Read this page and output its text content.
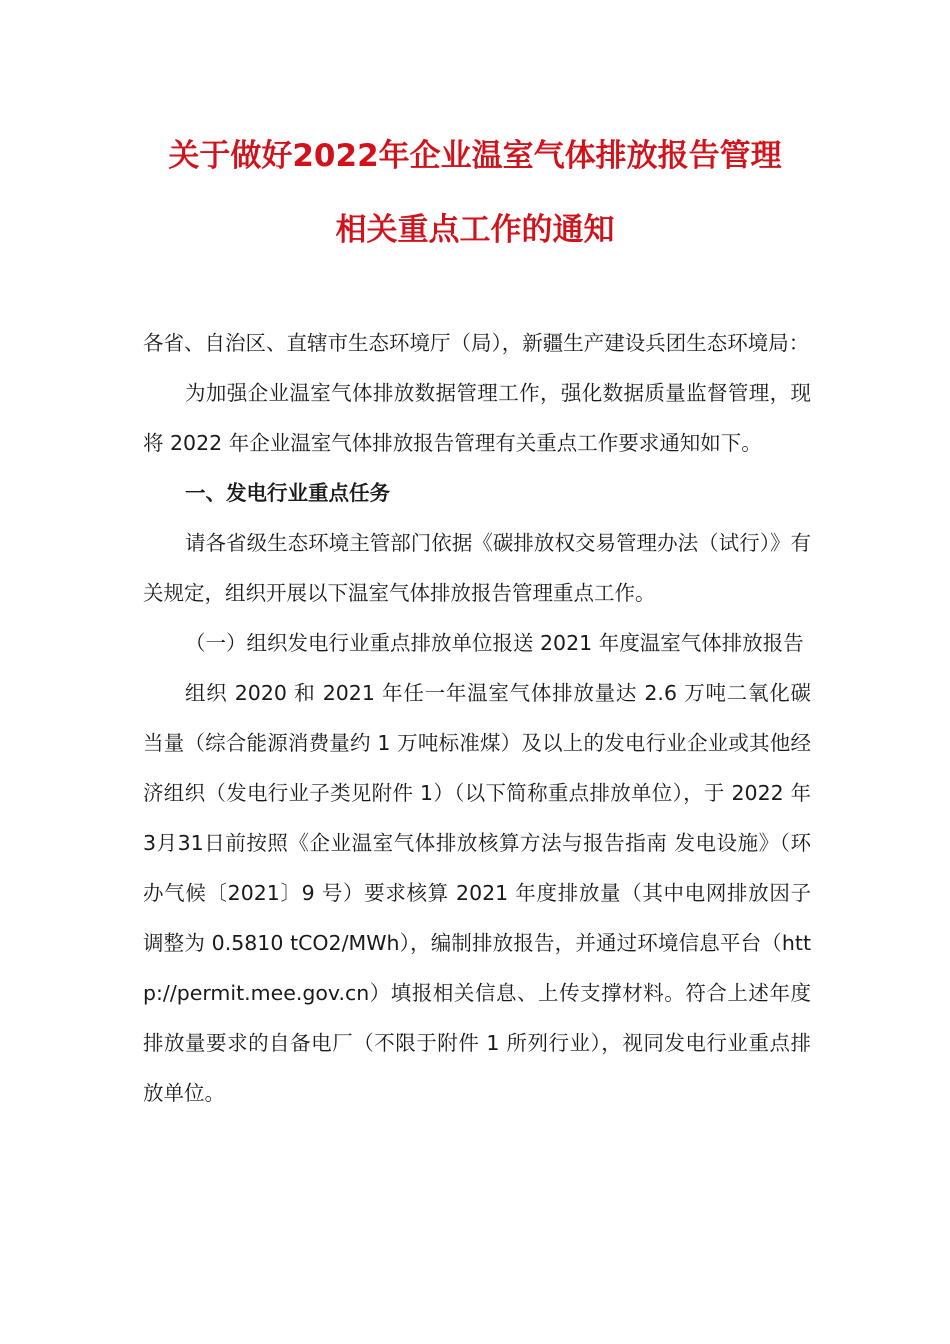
关于做好2022年企业温室气体排放报告管理
相关重点工作的通知

各省、自治区、直辖市生态环境厅（局），新疆生产建设兵团生态环境局：

为加强企业温室气体排放数据管理工作，强化数据质量监督管理，现将 2022 年企业温室气体排放报告管理有关重点工作要求通知如下。

一、发电行业重点任务

请各省级生态环境主管部门依据《碳排放权交易管理办法（试行）》有关规定，组织开展以下温室气体排放报告管理重点工作。

（一）组织发电行业重点排放单位报送 2021 年度温室气体排放报告

组织 2020 和 2021 年任一年温室气体排放量达 2.6 万吨二氧化碳当量（综合能源消费量约 1 万吨标准煤）及以上的发电行业企业或其他经济组织（发电行业子类见附件 1）（以下简称重点排放单位），于 2022 年3月31日前按照《企业温室气体排放核算方法与报告指南 发电设施》（环办气候〔2021〕9 号）要求核算 2021 年度排放量（其中电网排放因子调整为 0.5810 tCO2/MWh），编制排放报告，并通过环境信息平台（http://permit.mee.gov.cn）填报相关信息、上传支撑材料。符合上述年度排放量要求的自备电厂（不限于附件 1 所列行业），视同发电行业重点排放单位。
